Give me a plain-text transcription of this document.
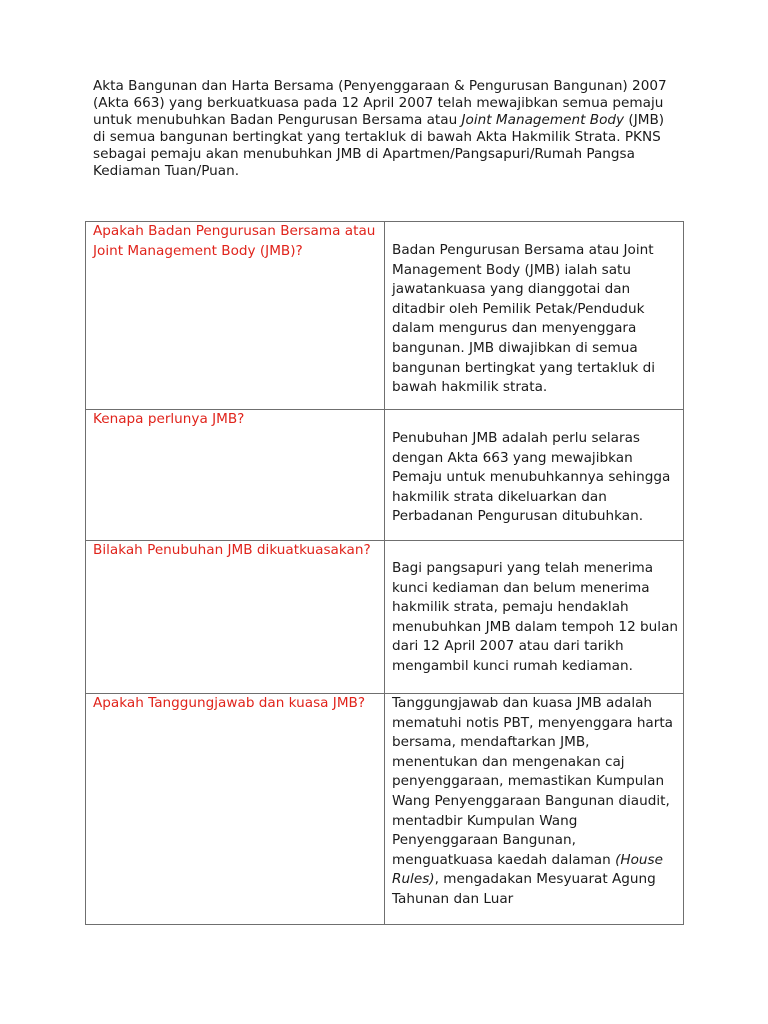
Akta Bangunan dan Harta Bersama (Penyenggaraan & Pengurusan Bangunan) 2007 (Akta 663) yang berkuatkuasa pada 12 April 2007 telah mewajibkan semua pemaju untuk menubuhkan Badan Pengurusan Bersama atau Joint Management Body (JMB) di semua bangunan bertingkat yang tertakluk di bawah Akta Hakmilik Strata. PKNS sebagai pemaju akan menubuhkan JMB di Apartmen/Pangsapuri/Rumah Pangsa Kediaman Tuan/Puan.

Apakah Badan Pengurusan Bersama atau Joint Management Body (JMB)?	Badan Pengurusan Bersama atau Joint Management Body (JMB) ialah satu jawatankuasa yang dianggotai dan ditadbir oleh Pemilik Petak/Penduduk dalam mengurus dan menyenggara bangunan. JMB diwajibkan di semua bangunan bertingkat yang tertakluk di bawah hakmilik strata.

Kenapa perlunya JMB?	Penubuhan JMB adalah perlu selaras dengan Akta 663 yang mewajibkan Pemaju untuk menubuhkannya sehingga hakmilik strata dikeluarkan dan Perbadanan Pengurusan ditubuhkan.

Bilakah Penubuhan JMB dikuatkuasakan?	Bagi pangsapuri yang telah menerima kunci kediaman dan belum menerima hakmilik strata, pemaju hendaklah menubuhkan JMB dalam tempoh 12 bulan dari 12 April 2007 atau dari tarikh mengambil kunci rumah kediaman.

Apakah Tanggungjawab dan kuasa JMB?	Tanggungjawab dan kuasa JMB adalah mematuhi notis PBT, menyenggara harta bersama, mendaftarkan JMB, menentukan dan mengenakan caj penyenggaraan, memastikan Kumpulan Wang Penyenggaraan Bangunan diaudit, mentadbir Kumpulan Wang Penyenggaraan Bangunan, menguatkuasa kaedah dalaman (House Rules), mengadakan Mesyuarat Agung Tahunan dan Luar
